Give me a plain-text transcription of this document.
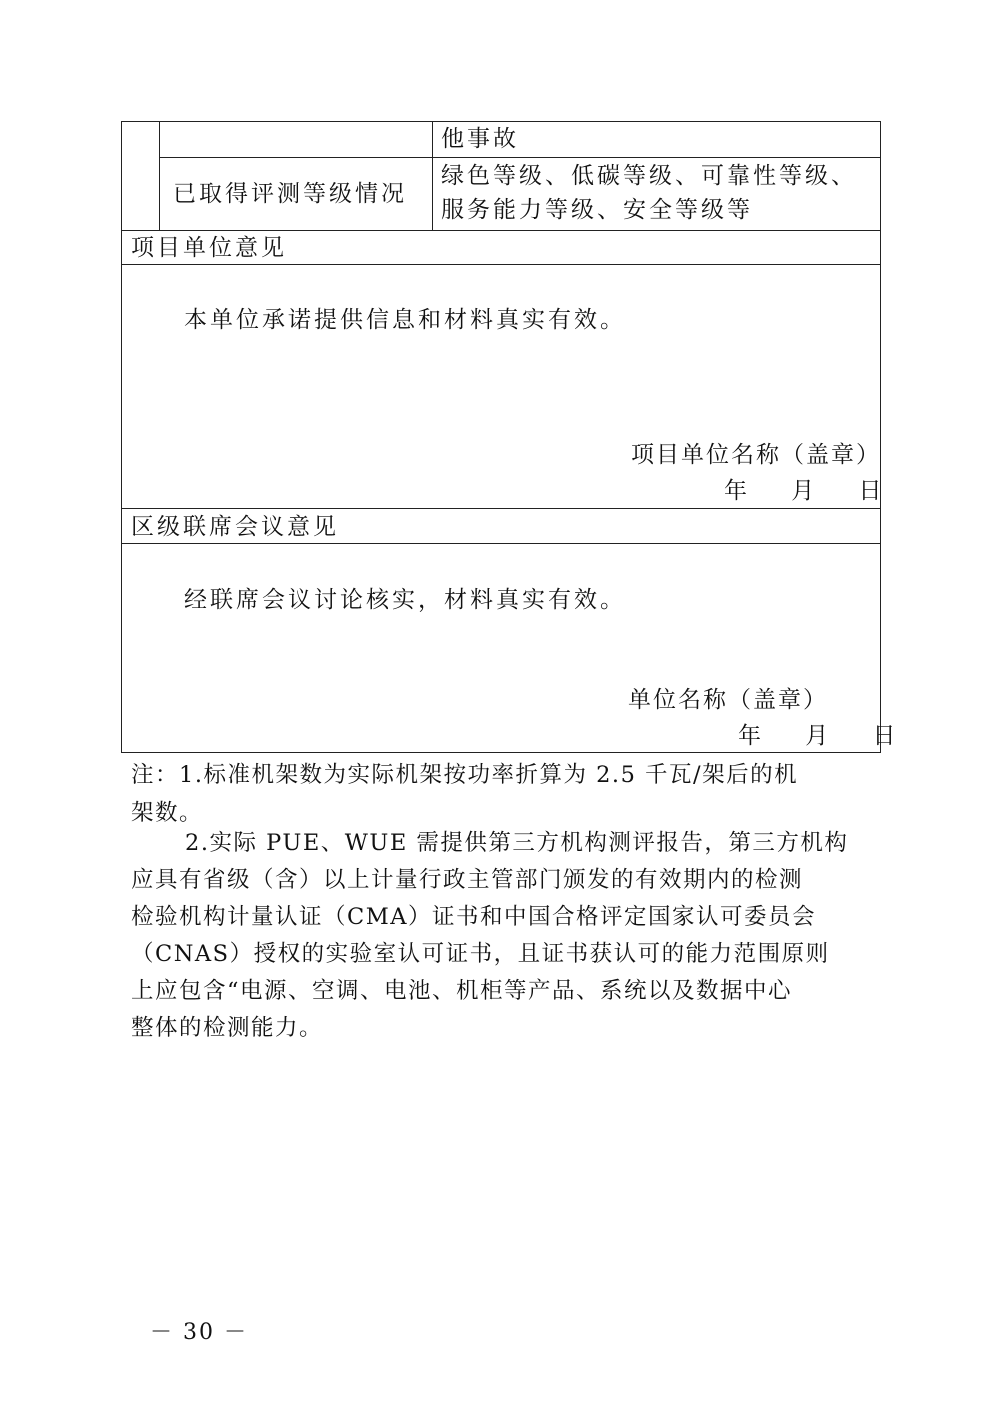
他事故
已取得评测等级情况
绿色等级、低碳等级、可靠性等级、
服务能力等级、安全等级等
项目单位意见
本单位承诺提供信息和材料真实有效。
项目单位名称（盖章）
年    月    日
区级联席会议意见
经联席会议讨论核实，材料真实有效。
单位名称（盖章）
年    月    日
注：1.标准机架数为实际机架按功率折算为 2.5 千瓦/架后的机
架数。
2.实际 PUE、WUE 需提供第三方机构测评报告，第三方机构
应具有省级（含）以上计量行政主管部门颁发的有效期内的检测
检验机构计量认证（CMA）证书和中国合格评定国家认可委员会
（CNAS）授权的实验室认可证书，且证书获认可的能力范围原则
上应包含“电源、空调、电池、机柜等产品、系统以及数据中心
整体的检测能力。
－ 30 －
